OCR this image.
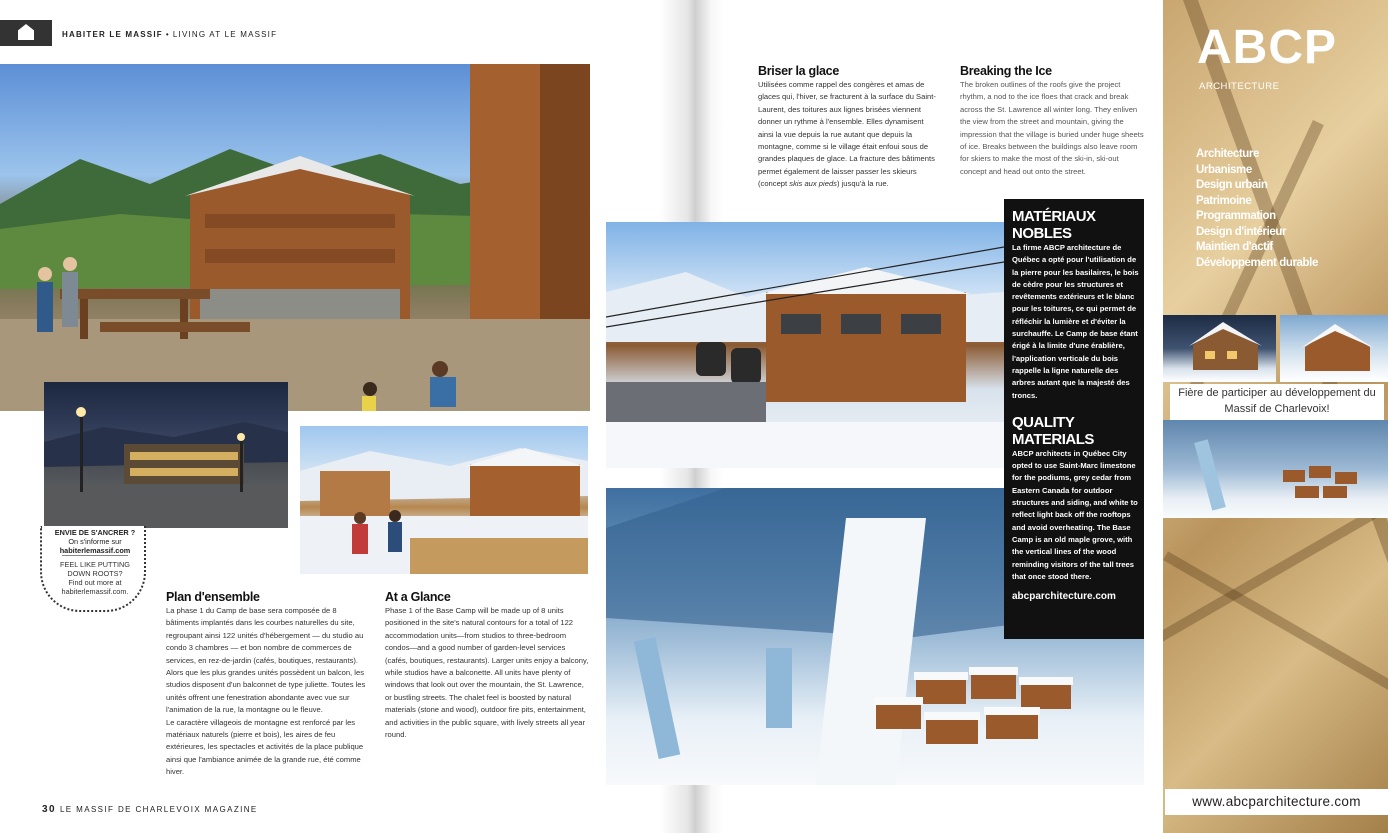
HABITER LE MASSIF • LIVING AT LE MASSIF
ENVIE DE S'ANCRER ?
On s'informe sur
habiterlemassif.com
FEEL LIKE PUTTING
DOWN ROOTS?
Find out more at
habiterlemassif.com.	Plan d'ensemble
La phase 1 du Camp de base sera composée de 8 bâtiments implantés dans les courbes naturelles du site, regroupant ainsi 122 unités d'hébergement — du studio au condo 3 chambres — et bon nombre de commerces de services, en rez-de-jardin (cafés, boutiques, restaurants). Alors que les plus grandes unités possèdent un balcon, les studios disposent d'un balconnet de type juliette. Toutes les unités offrent une fenestration abondante avec vue sur l'animation de la rue, la montagne ou le fleuve.
Le caractère villageois de montagne est renforcé par les matériaux naturels (pierre et bois), les aires de feu extérieures, les spectacles et activités de la place publique ainsi que l'ambiance animée de la grande rue, été comme hiver.
At a Glance
Phase 1 of the Base Camp will be made up of 8 units positioned in the site's natural contours for a total of 122 accommodation units—from studios to three-bedroom condos—and a good number of garden-level services (cafés, boutiques, restaurants). Larger units enjoy a balcony, while studios have a balconette. All units have plenty of windows that look out over the mountain, the St. Lawrence, or bustling streets. The chalet feel is boosted by natural materials (stone and wood), outdoor fire pits, entertainment, and activities in the public square, with lively streets all year round.
30 LE MASSIF DE CHARLEVOIX MAGAZINE
Briser la glace
Utilisées comme rappel des congères et amas de glaces qui, l'hiver, se fracturent à la surface du Saint-Laurent, des toitures aux lignes brisées viennent donner un rythme à l'ensemble. Elles dynamisent ainsi la vue depuis la rue autant que depuis la montagne, comme si le village était enfoui sous de grandes plaques de glace. La fracture des bâtiments permet également de laisser passer les skieurs (concept skis aux pieds) jusqu'à la rue.
Breaking the Ice
The broken outlines of the roofs give the project rhythm, a nod to the ice floes that crack and break across the St. Lawrence all winter long. They enliven the view from the street and mountain, giving the impression that the village is buried under huge sheets of ice. Breaks between the buildings also leave room for skiers to make the most of the ski-in, ski-out concept and head out onto the street.
MATÉRIAUX NOBLES
La firme ABCP architecture de Québec a opté pour l'utilisation de la pierre pour les basilaires, le bois de cèdre pour les structures et revêtements extérieurs et le blanc pour les toitures, ce qui permet de réfléchir la lumière et d'éviter la surchauffe. Le Camp de base étant érigé à la limite d'une érablière, l'application verticale du bois rappelle la ligne naturelle des arbres autant que la majesté des troncs.
QUALITY MATERIALS
ABCP architects in Québec City opted to use Saint-Marc limestone for the podiums, grey cedar from Eastern Canada for outdoor structures and siding, and white to reflect light back off the rooftops and avoid overheating. The Base Camp is an old maple grove, with the vertical lines of the wood reminding visitors of the tall trees that once stood there.
abcparchitecture.com
ABCP
ARCHITECTURE
Architecture
Urbanisme
Design urbain
Patrimoine
Programmation
Design d'intérieur
Maintien d'actif
Développement durable
Fière de participer au développement du Massif de Charlevoix!
www.abcparchitecture.com
